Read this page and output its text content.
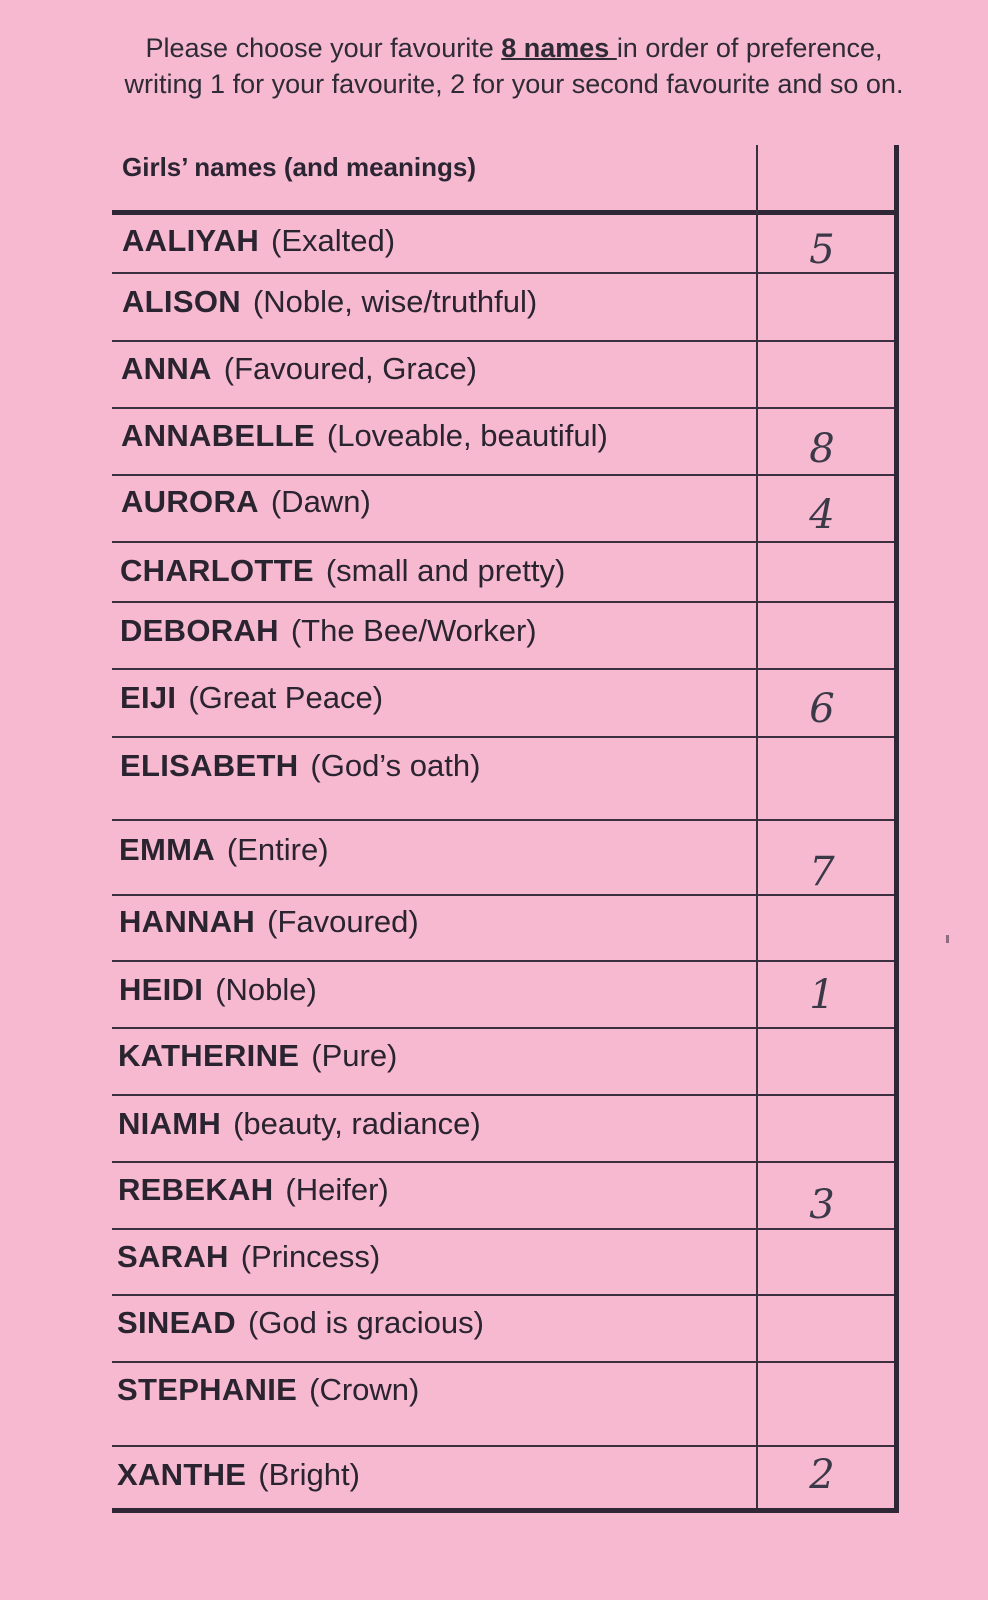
Please choose your favourite 8 names in order of preference,
writing 1 for your favourite, 2 for your second favourite and so on.
Girls’ names (and meanings)
AALIYAH (Exalted)	5
ALISON (Noble, wise/truthful)
ANNA (Favoured, Grace)
ANNABELLE (Loveable, beautiful)	8
AURORA (Dawn)	4
CHARLOTTE (small and pretty)
DEBORAH (The Bee/Worker)
EIJI (Great Peace)	6
ELISABETH (God’s oath)
EMMA (Entire)	7
HANNAH (Favoured)
HEIDI (Noble)	1
KATHERINE (Pure)
NIAMH (beauty, radiance)
REBEKAH (Heifer)	3
SARAH (Princess)
SINEAD (God is gracious)
STEPHANIE (Crown)
XANTHE (Bright)	2
